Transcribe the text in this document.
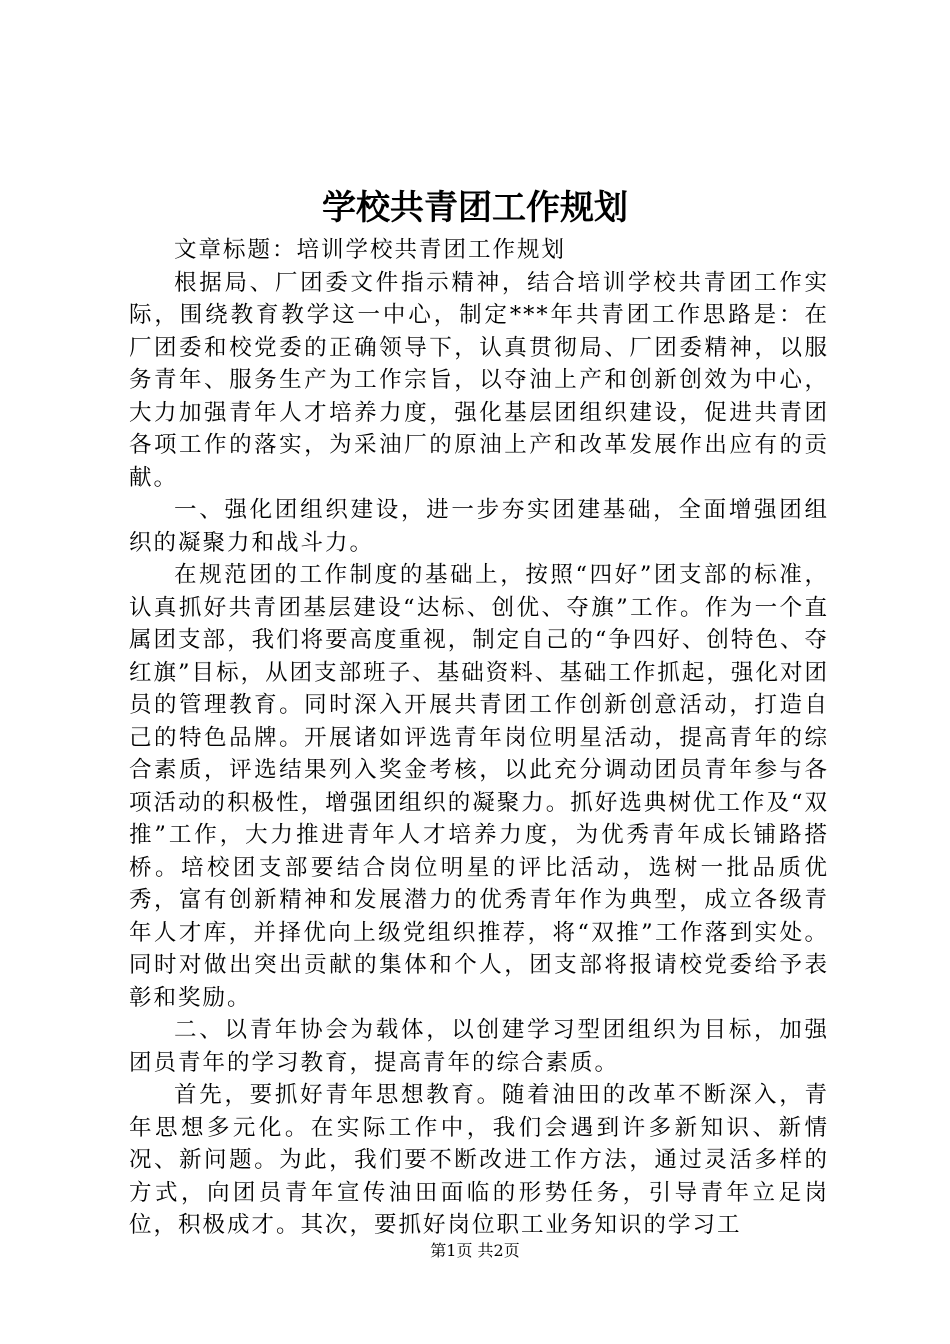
学校共青团工作规划

文章标题：培训学校共青团工作规划

根据局、厂团委文件指示精神，结合培训学校共青团工作实际，围绕教育教学这一中心，制定***年共青团工作思路是：在厂团委和校党委的正确领导下，认真贯彻局、厂团委精神，以服务青年、服务生产为工作宗旨，以夺油上产和创新创效为中心，大力加强青年人才培养力度，强化基层团组织建设，促进共青团各项工作的落实，为采油厂的原油上产和改革发展作出应有的贡献。

一、强化团组织建设，进一步夯实团建基础，全面增强团组织的凝聚力和战斗力。

在规范团的工作制度的基础上，按照“四好”团支部的标准，认真抓好共青团基层建设“达标、创优、夺旗”工作。作为一个直属团支部，我们将要高度重视，制定自己的“争四好、创特色、夺红旗”目标，从团支部班子、基础资料、基础工作抓起，强化对团员的管理教育。同时深入开展共青团工作创新创意活动，打造自己的特色品牌。开展诸如评选青年岗位明星活动，提高青年的综合素质，评选结果列入奖金考核，以此充分调动团员青年参与各项活动的积极性，增强团组织的凝聚力。抓好选典树优工作及“双推”工作，大力推进青年人才培养力度，为优秀青年成长铺路搭桥。培校团支部要结合岗位明星的评比活动，选树一批品质优秀，富有创新精神和发展潜力的优秀青年作为典型，成立各级青年人才库，并择优向上级党组织推荐，将“双推”工作落到实处。同时对做出突出贡献的集体和个人，团支部将报请校党委给予表彰和奖励。

二、以青年协会为载体，以创建学习型团组织为目标，加强团员青年的学习教育，提高青年的综合素质。

首先，要抓好青年思想教育。随着油田的改革不断深入，青年思想多元化。在实际工作中，我们会遇到许多新知识、新情况、新问题。为此，我们要不断改进工作方法，通过灵活多样的方式，向团员青年宣传油田面临的形势任务，引导青年立足岗位，积极成才。其次，要抓好岗位职工业务知识的学习工

第1页 共2页
